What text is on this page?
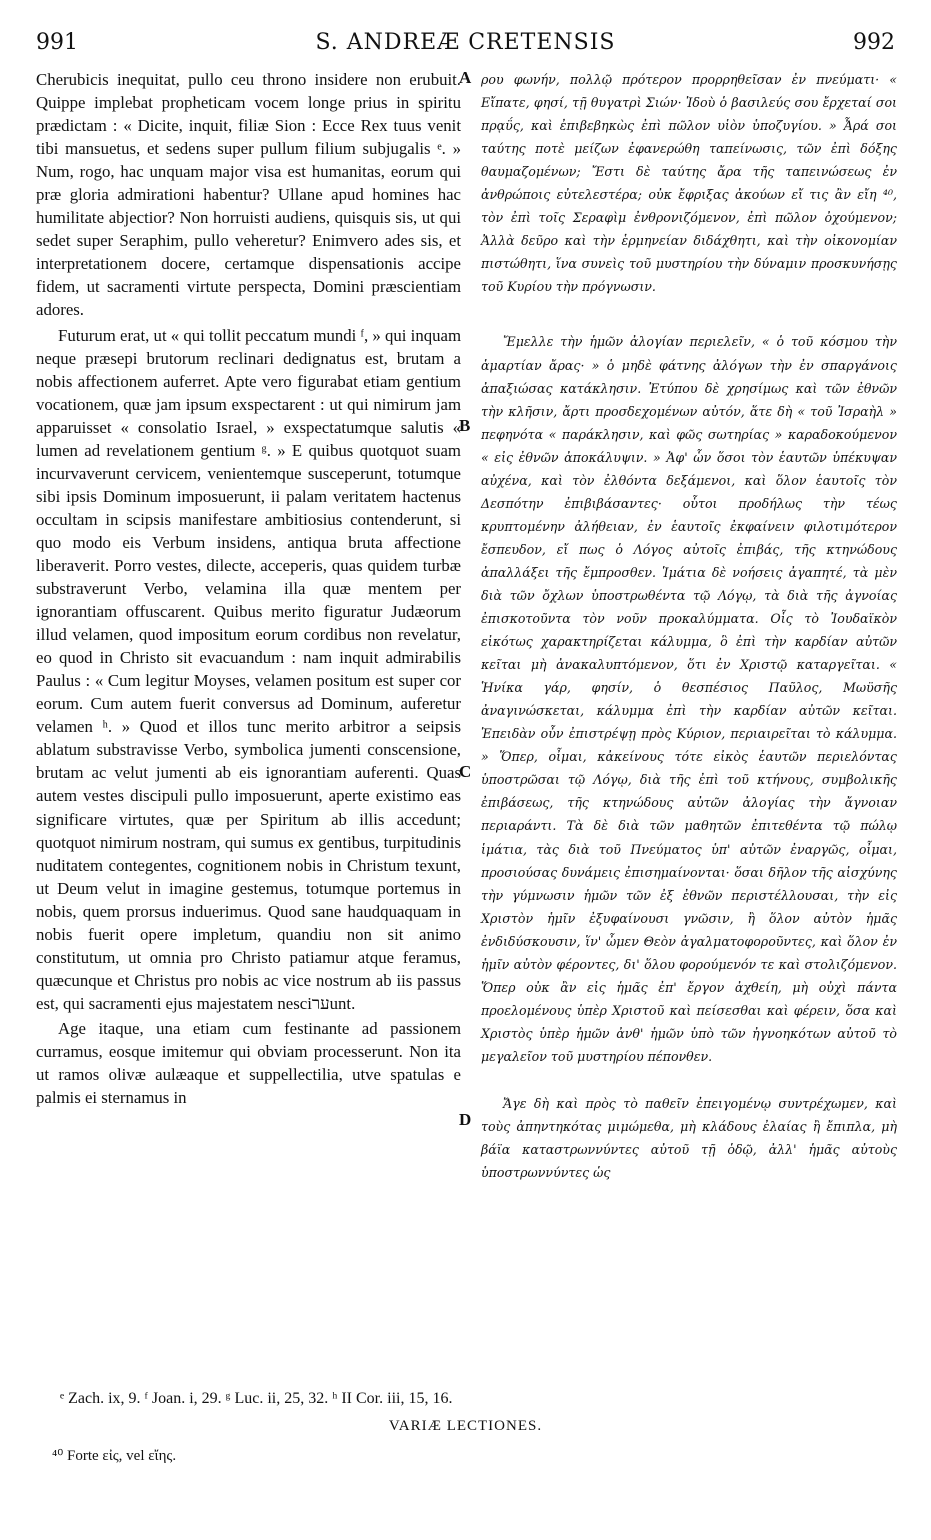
991	S. ANDREÆ CRETENSIS	992

Cherubicis inequitat, pullo ceu throno insidere non erubuit. Quippe implebat propheticam vocem longe prius in spiritu prædictam : « Dicite, inquit, filiæ Sion : Ecce Rex tuus venit tibi mansuetus, et sedens super pullum filium subjugalis ᵉ. » Num, rogo, hac unquam major visa est humanitas, eorum qui præ gloria admirationi habentur? Ullane apud homines hac humilitate abjectior? Non horruisti audiens, quisquis sis, ut qui sedet super Seraphim, pullo veheretur? Enimvero ades sis, et interpretationem docere, certamque dispensationis accipe fidem, ut sacramenti virtute perspecta, Domini præscientiam adores.

Futurum erat, ut « qui tollit peccatum mundi ᶠ, » qui inquam neque præsepi brutorum reclinari dedignatus est, brutam a nobis affectionem auferret. Apte vero figurabat etiam gentium vocationem, quæ jam ipsum exspectarent : ut qui nimirum jam apparuisset « consolatio Israel, » exspectatumque salutis « lumen ad revelationem gentium ᵍ. » E quibus quotquot suam incurvaverunt cervicem, venientemque susceperunt, totumque sibi ipsis Dominum imposuerunt, ii palam veritatem hactenus occultam in scipsis manifestare ambitiosius contenderunt, si quo modo eis Verbum insidens, antiqua bruta affectione liberaverit. Porro vestes, dilecte, acceperis, quas quidem turbæ substraverunt Verbo, velamina illa quæ mentem per ignorantiam offuscarent. Quibus merito figuratur Judæorum illud velamen, quod impositum eorum cordibus non revelatur, eo quod in Christo sit evacuandum : nam inquit admirabilis Paulus : « Cum legitur Moyses, velamen positum est super cor eorum. Cum autem fuerit conversus ad Dominum, auferetur velamen ʰ. » Quod et illos tunc merito arbitror a seipsis ablatum substravisse Verbo, symbolica jumenti conscensione, brutam ac velut jumenti ab eis ignorantiam auferenti. Quas autem vestes discipuli pullo imposuerunt, aperte existimo eas significare virtutes, quæ per Spiritum ab illis accedunt; quotquot nimirum nostram, qui sumus ex gentibus, turpitudinis nuditatem contegentes, cognitionem nobis in Christum texunt, ut Deum velut in imagine gestemus, totumque portemus in nobis, quem prorsus induerimus. Quod sane haudquaquam in nobis fuerit opere impletum, quandiu non sit animo constitutum, ut omnia pro Christo patiamur atque feramus, quæcunque et Christus pro nobis ac vice nostrum ab iis passus est, qui sacramenti ejus majestatem nesciערunt.

Age itaque, una etiam cum festinante ad passionem curramus, eosque imitemur qui obviam processerunt. Non ita ut ramos olivæ aulæaque et suppellectilia, utve spatulas e palmis ei sternamus in

A
B
C
D

ρου φωνήν, πολλῷ πρότερον προρρηθεῖσαν ἐν πνεύματι· « Εἴπατε, φησί, τῇ θυγατρὶ Σιών· Ἰδοὺ ὁ βασιλεύς σου ἔρχεταί σοι πρᾳΰς, καὶ ἐπιβεβηκὼς ἐπὶ πῶλον υἱὸν ὑποζυγίου. » Ἆρά σοι ταύτης ποτὲ μείζων ἐφανερώθη ταπείνωσις, τῶν ἐπὶ δόξης θαυμαζομένων; Ἔστι δὲ ταύτης ἄρα τῆς ταπεινώσεως ἐν ἀνθρώποις εὐτελεστέρα; οὐκ ἔφριξας ἀκούων εἴ τις ἂν εἴη ⁴⁰, τὸν ἐπὶ τοῖς Σεραφὶμ ἐνθρονιζόμενον, ἐπὶ πῶλον ὀχούμενον; Ἀλλὰ δεῦρο καὶ τὴν ἑρμηνείαν διδάχθητι, καὶ τὴν οἰκονομίαν πιστώθητι, ἵνα συνεὶς τοῦ μυστηρίου τὴν δύναμιν προσκυνήσῃς τοῦ Κυρίου τὴν πρόγνωσιν.

Ἔμελλε τὴν ἡμῶν ἀλογίαν περιελεῖν, « ὁ τοῦ κόσμου τὴν ἁμαρτίαν ἄρας· » ὁ μηδὲ φάτνης ἀλόγων τὴν ἐν σπαργάνοις ἀπαξιώσας κατάκλησιν. Ἐτύπου δὲ χρησίμως καὶ τῶν ἐθνῶν τὴν κλῆσιν, ἄρτι προσδεχομένων αὐτόν, ἅτε δὴ « τοῦ Ἰσραὴλ » πεφηνότα « παράκλησιν, καὶ φῶς σωτηρίας » καραδοκούμενον « εἰς ἐθνῶν ἀποκάλυψιν. » Ἀφ' ὧν ὅσοι τὸν ἑαυτῶν ὑπέκυψαν αὐχένα, καὶ τὸν ἐλθόντα δεξάμενοι, καὶ ὅλον ἑαυτοῖς τὸν Δεσπότην ἐπιβιβάσαντες· οὗτοι προδήλως τὴν τέως κρυπτομένην ἀλήθειαν, ἐν ἑαυτοῖς ἐκφαίνειν φιλοτιμότερον ἔσπευδον, εἴ πως ὁ Λόγος αὐτοῖς ἐπιβάς, τῆς κτηνώδους ἀπαλλάξει τῆς ἔμπροσθεν. Ἱμάτια δὲ νοήσεις ἀγαπητέ, τὰ μὲν διὰ τῶν ὄχλων ὑποστρωθέντα τῷ Λόγῳ, τὰ διὰ τῆς ἀγνοίας ἐπισκοτοῦντα τὸν νοῦν προκαλύμματα. Οἷς τὸ Ἰουδαϊκὸν εἰκότως χαρακτηρίζεται κάλυμμα, ὃ ἐπὶ τὴν καρδίαν αὐτῶν κεῖται μὴ ἀνακαλυπτόμενον, ὅτι ἐν Χριστῷ καταργεῖται. « Ἡνίκα γάρ, φησίν, ὁ θεσπέσιος Παῦλος, Μωϋσῆς ἀναγινώσκεται, κάλυμμα ἐπὶ τὴν καρδίαν αὐτῶν κεῖται. Ἐπειδὰν οὖν ἐπιστρέψῃ πρὸς Κύριον, περιαιρεῖται τὸ κάλυμμα. » Ὅπερ, οἶμαι, κἀκείνους τότε εἰκὸς ἑαυτῶν περιελόντας ὑποστρῶσαι τῷ Λόγῳ, διὰ τῆς ἐπὶ τοῦ κτήνους, συμβολικῆς ἐπιβάσεως, τῆς κτηνώδους αὐτῶν ἀλογίας τὴν ἄγνοιαν περιαράντι. Τὰ δὲ διὰ τῶν μαθητῶν ἐπιτεθέντα τῷ πώλῳ ἱμάτια, τὰς διὰ τοῦ Πνεύματος ὑπ' αὐτῶν ἐναργῶς, οἶμαι, προσιούσας δυνάμεις ἐπισημαίνονται· ὅσαι δῆλον τῆς αἰσχύνης τὴν γύμνωσιν ἡμῶν τῶν ἐξ ἐθνῶν περιστέλλουσαι, τὴν εἰς Χριστὸν ἡμῖν ἐξυφαίνουσι γνῶσιν, ἢ ὅλον αὐτὸν ἡμᾶς ἐνδιδύσκουσιν, ἵν' ὦμεν Θεὸν ἀγαλματοφοροῦντες, καὶ ὅλον ἐν ἡμῖν αὐτὸν φέροντες, δι' ὅλου φορούμενόν τε καὶ στολιζόμενον. Ὅπερ οὐκ ἂν εἰς ἡμᾶς ἐπ' ἔργον ἀχθείη, μὴ οὐχὶ πάντα προελομένους ὑπὲρ Χριστοῦ καὶ πείσεσθαι καὶ φέρειν, ὅσα καὶ Χριστὸς ὑπὲρ ἡμῶν ἀνθ' ἡμῶν ὑπὸ τῶν ἠγνοηκότων αὐτοῦ τὸ μεγαλεῖον τοῦ μυστηρίου πέπονθεν.

Ἄγε δὴ καὶ πρὸς τὸ παθεῖν ἐπειγομένῳ συντρέχωμεν, καὶ τοὺς ἀπηντηκότας μιμώμεθα, μὴ κλάδους ἐλαίας ἢ ἔπιπλα, μὴ βάϊα καταστρωννύντες αὐτοῦ τῇ ὁδῷ, ἀλλ' ἡμᾶς αὐτοὺς ὑποστρωννύντες ὡς

ᵉ Zach. ix, 9. ᶠ Joan. i, 29. ᵍ Luc. ii, 25, 32. ʰ II Cor. iii, 15, 16.
VARIÆ LECTIONES.
⁴⁰ Forte εἰς, vel εἴης.
